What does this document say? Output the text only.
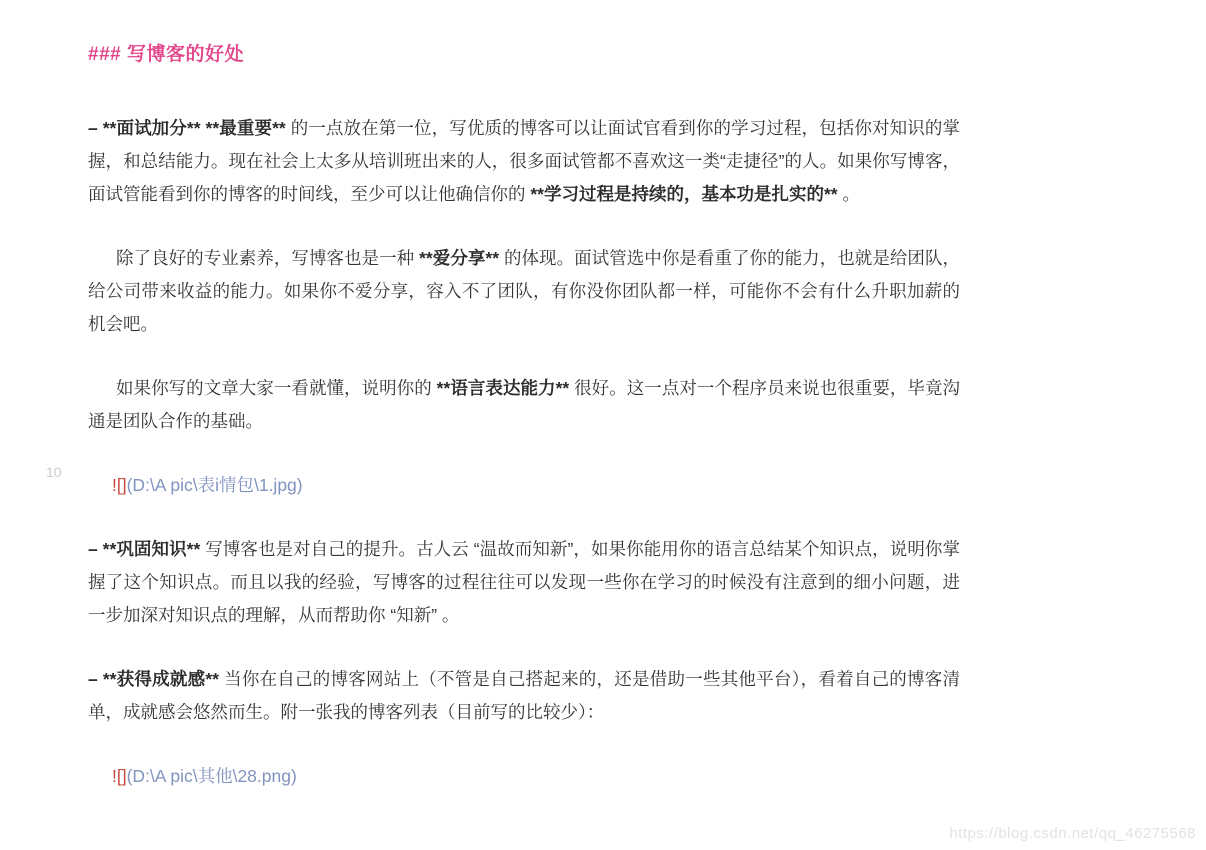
10
### 写博客的好处

– **面试加分** **最重要** 的一点放在第一位，写优质的博客可以让面试官看到你的学习过程，包括你对知识的掌握，和总结能力。现在社会上太多从培训班出来的人，很多面试管都不喜欢这一类“走捷径”的人。如果你写博客，面试管能看到你的博客的时间线，至少可以让他确信你的 **学习过程是持续的，基本功是扎实的** 。

除了良好的专业素养，写博客也是一种 **爱分享** 的体现。面试管选中你是看重了你的能力，也就是给团队，给公司带来收益的能力。如果你不爱分享，容入不了团队，有你没你团队都一样，可能你不会有什么升职加薪的机会吧。

如果你写的文章大家一看就懂，说明你的 **语言表达能力** 很好。这一点对一个程序员来说也很重要，毕竟沟通是团队合作的基础。

![](D:\A pic\表i情包\1.jpg)

– **巩固知识** 写博客也是对自己的提升。古人云 “温故而知新”，如果你能用你的语言总结某个知识点，说明你掌握了这个知识点。而且以我的经验，写博客的过程往往可以发现一些你在学习的时候没有注意到的细小问题，进一步加深对知识点的理解，从而帮助你 “知新” 。

– **获得成就感** 当你在自己的博客网站上（不管是自己搭起来的，还是借助一些其他平台），看着自己的博客清单，成就感会悠然而生。附一张我的博客列表（目前写的比较少）：

![](D:\A pic\其他\28.png)

https://blog.csdn.net/qq_46275568
